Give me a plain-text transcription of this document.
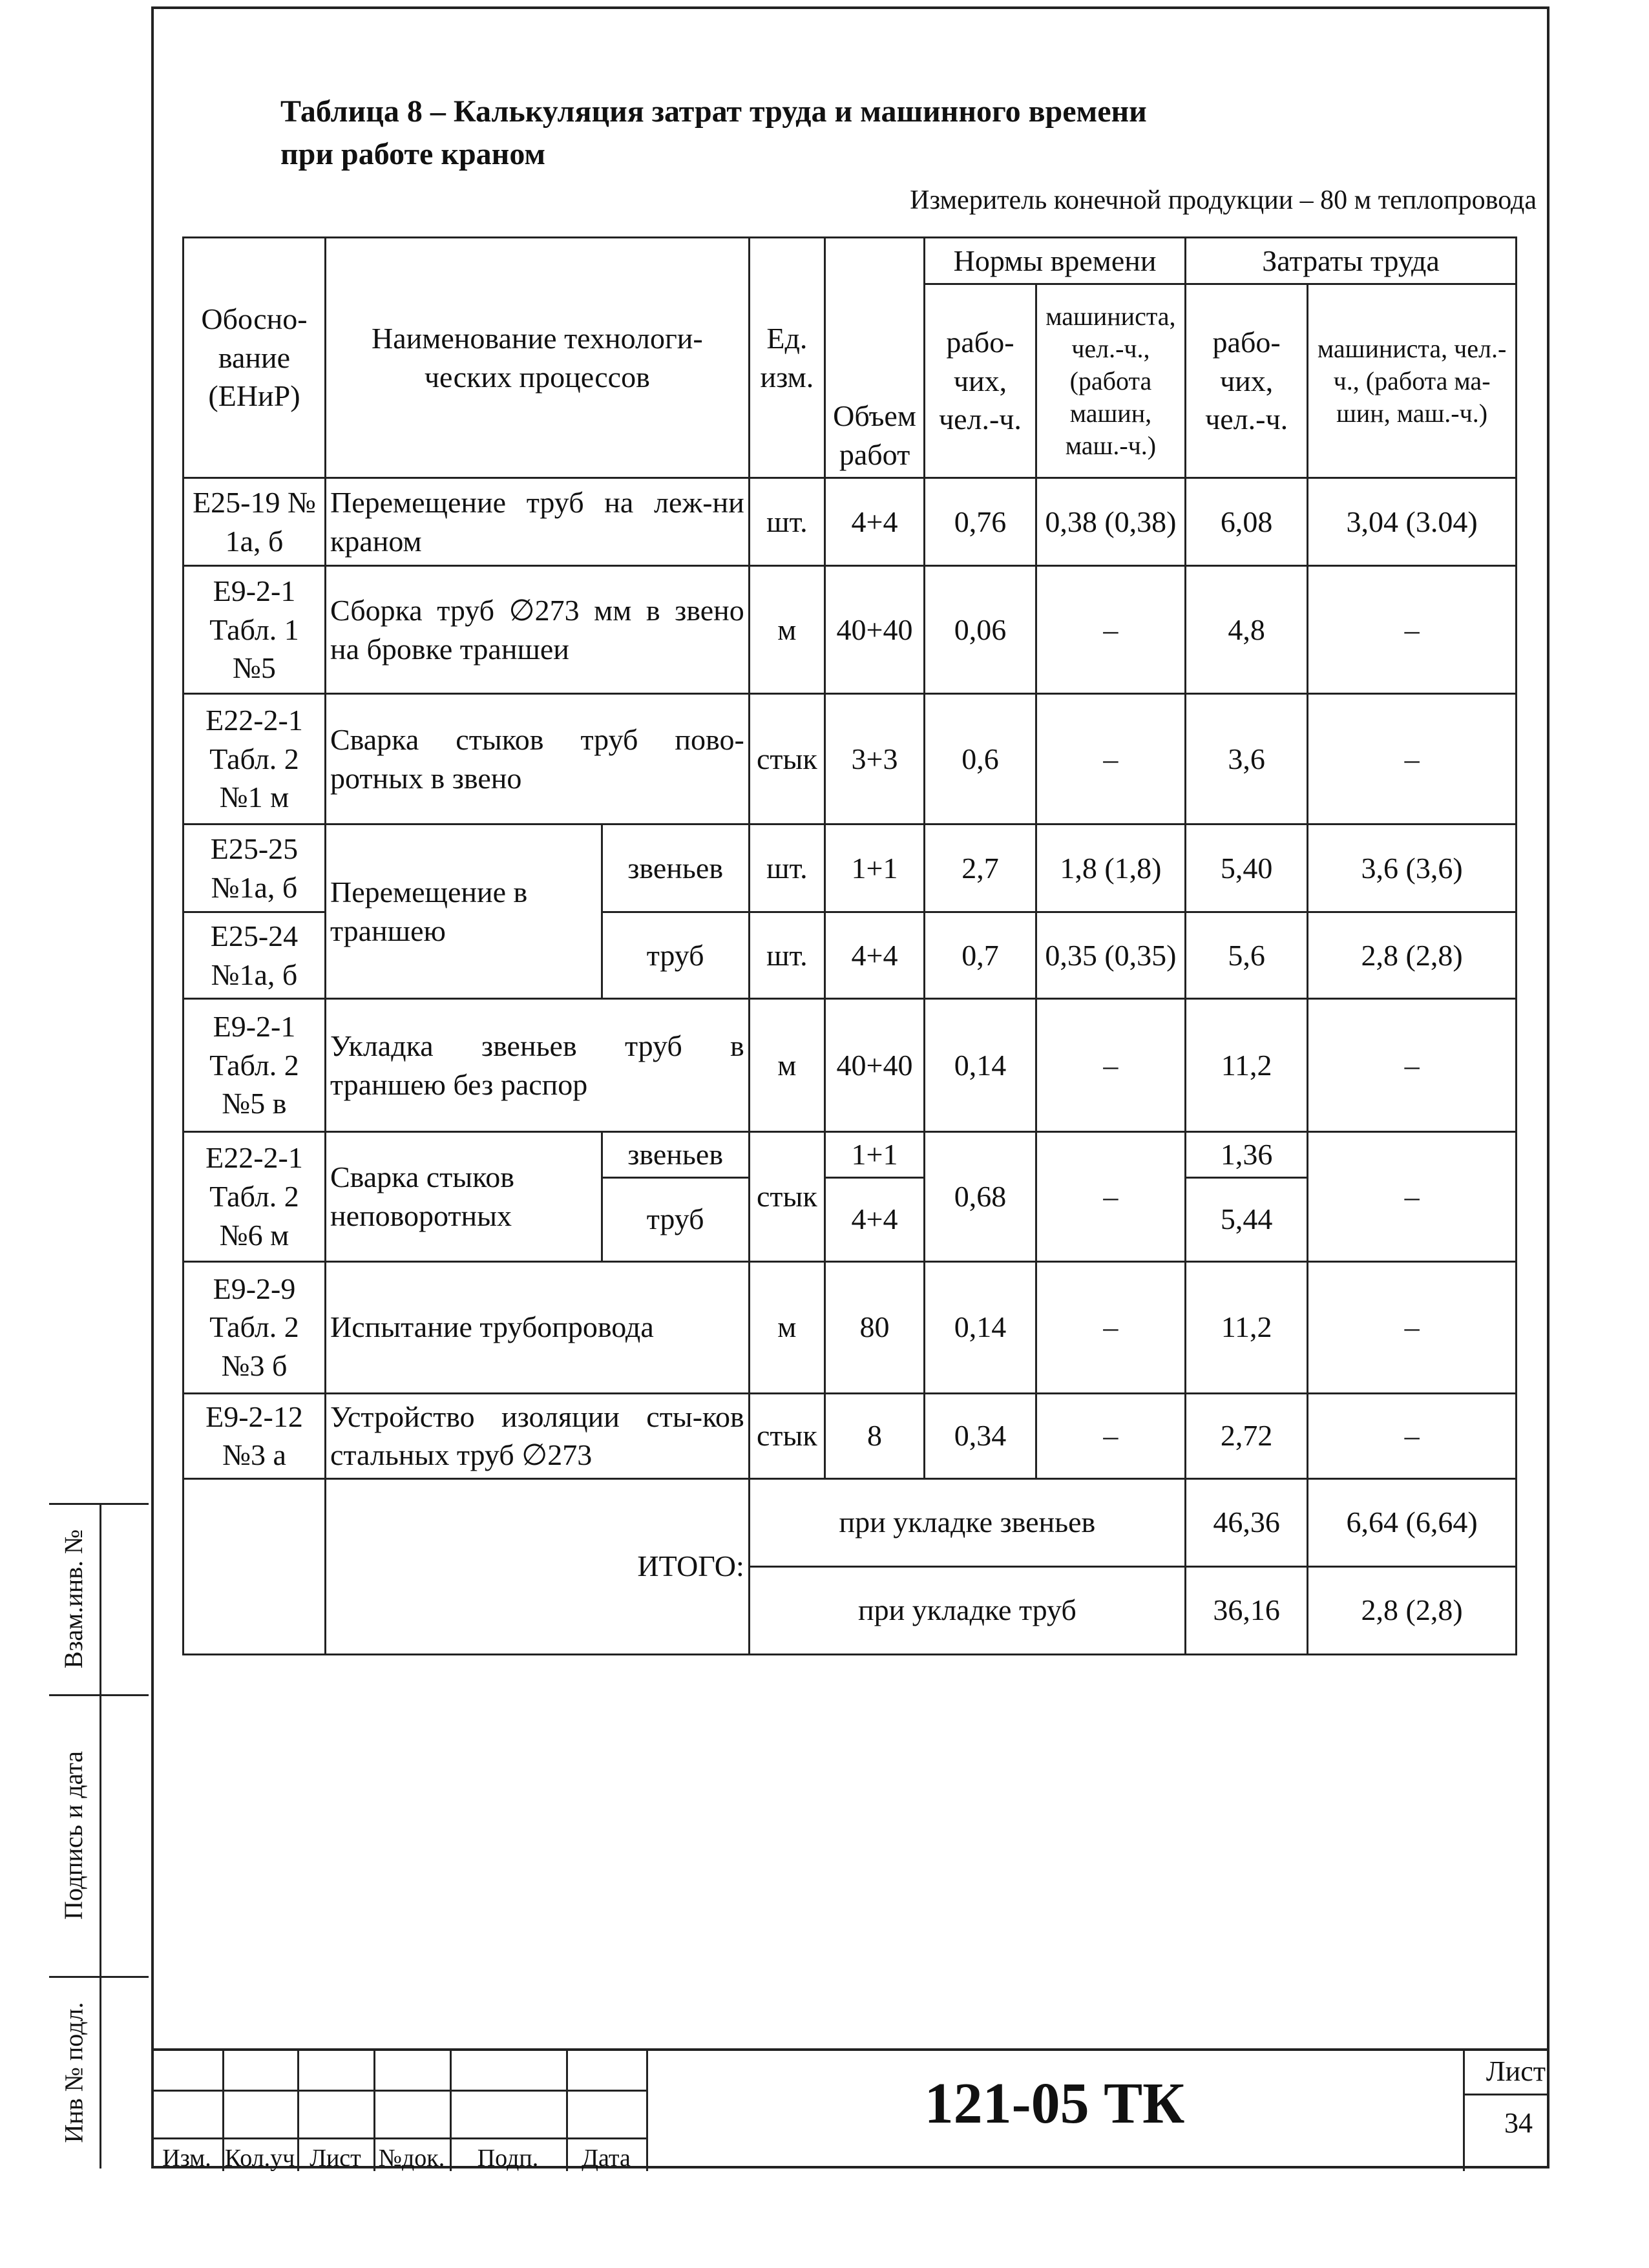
Таблица 8 – Калькуляция затрат труда и машинного времени
при работе краном
Измеритель конечной продукции – 80 м теплопровода
Обосно-вание (ЕНиР)	Наименование технологи-ческих процессов		Ед. изм.	Объем работ	Нормы времени		Затраты труда	
					рабо-чих, чел.-ч.	машиниста, чел.-ч., (работа машин, маш.-ч.)	рабо-чих, чел.-ч.	машиниста, чел.-ч., (работа ма-шин, маш.-ч.)
Е25-19 № 1а, б	Перемещение труб на леж-ни краном		шт.	4+4	0,76	0,38 (0,38)	6,08	3,04 (3.04)
Е9-2-1 Табл. 1 №5	Сборка труб ∅273 мм в звено на бровке траншеи		м	40+40	0,06	–	4,8	–
Е22-2-1 Табл. 2 №1 м	Сварка стыков труб пово-ротных в звено		стык	3+3	0,6	–	3,6	–
Е25-25 №1а, б	Перемещение в траншею	звеньев	шт.	1+1	2,7	1,8 (1,8)	5,40	3,6 (3,6)
Е25-24 №1а, б		труб	шт.	4+4	0,7	0,35 (0,35)	5,6	2,8 (2,8)
Е9-2-1 Табл. 2 №5 в	Укладка звеньев труб в траншею без распор		м	40+40	0,14	–	11,2	–
Е22-2-1 Табл. 2 №6 м	Сварка стыков неповоротных	звеньев	стык	1+1	0,68	–	1,36	–
		труб		4+4			5,44	
Е9-2-9 Табл. 2 №3 б	Испытание трубопровода		м	80	0,14	–	11,2	–
Е9-2-12 №3 а	Устройство изоляции сты-ков стальных труб ∅273		стык	8	0,34	–	2,72	–
	ИТОГО:		при укладке звеньев				46,36	6,64 (6,64)
			при укладке труб				36,16	2,8 (2,8)
Взам.инв. №
Подпись и дата
Инв № подл.
Изм. Кол.уч Лист №док.	Подп.	Дата
121-05 ТК
Лист
34
